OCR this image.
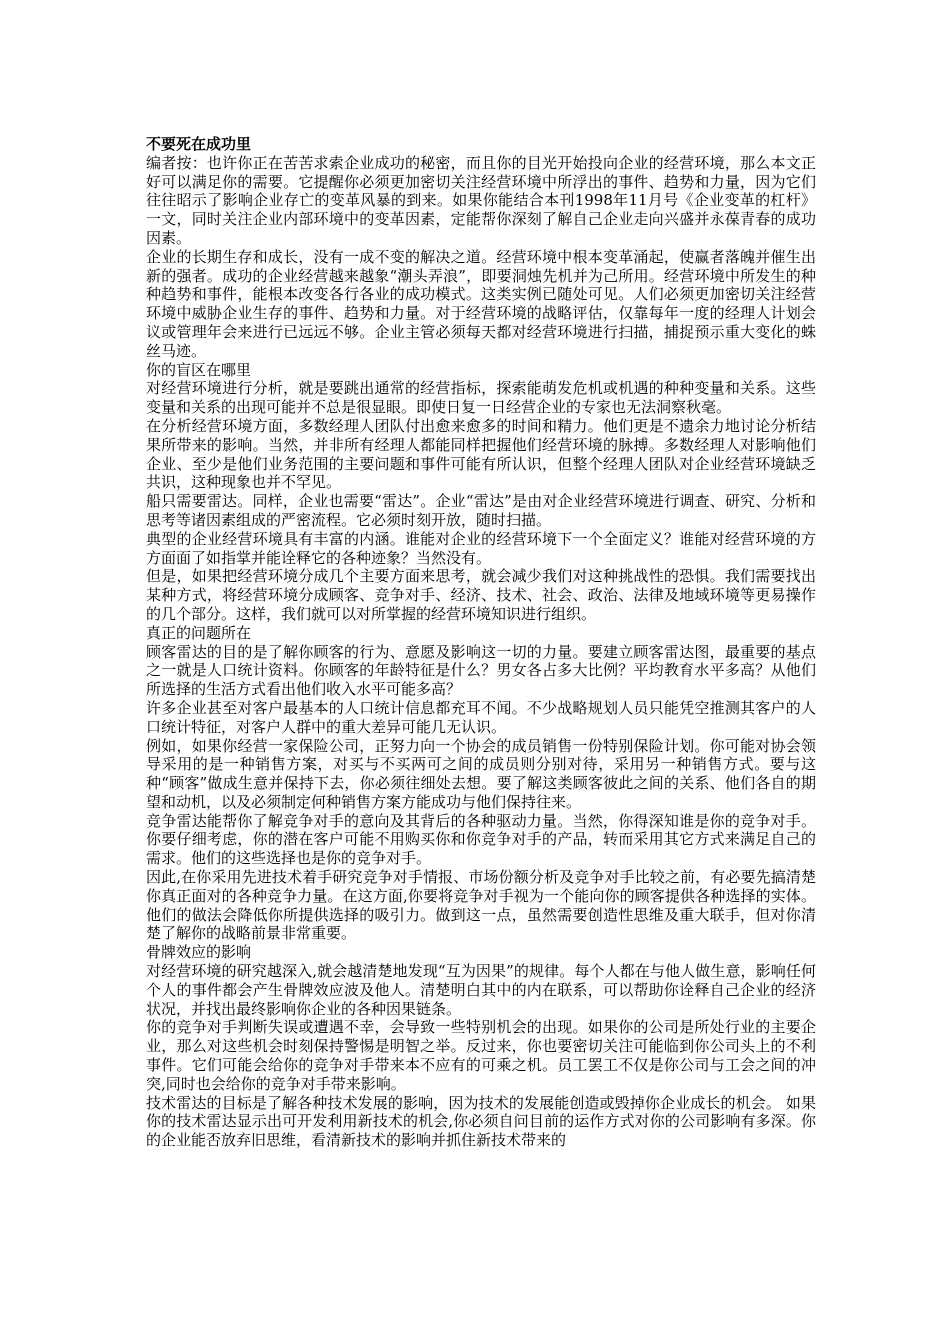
不要死在成功里

编者按：也许你正在苦苦求索企业成功的秘密，而且你的目光开始投向企业的经营环境，那么本文正好可以满足你的需要。它提醒你必须更加密切关注经营环境中所浮出的事件、趋势和力量，因为它们往往昭示了影响企业存亡的变革风暴的到来。如果你能结合本刊1998年11月号《企业变革的杠杆》一文，同时关注企业内部环境中的变革因素，定能帮你深刻了解自己企业走向兴盛并永葆青春的成功因素。

企业的长期生存和成长，没有一成不变的解决之道。经营环境中根本变革涌起，使赢者落魄并催生出新的强者。成功的企业经营越来越象“潮头弄浪”，即要洞烛先机并为己所用。经营环境中所发生的种种趋势和事件，能根本改变各行各业的成功模式。这类实例已随处可见。人们必须更加密切关注经营环境中威胁企业生存的事件、趋势和力量。对于经营环境的战略评估，仅靠每年一度的经理人计划会议或管理年会来进行已远远不够。企业主管必须每天都对经营环境进行扫描，捕捉预示重大变化的蛛丝马迹。

你的盲区在哪里

对经营环境进行分析，就是要跳出通常的经营指标，探索能萌发危机或机遇的种种变量和关系。这些变量和关系的出现可能并不总是很显眼。即使日复一日经营企业的专家也无法洞察秋毫。

在分析经营环境方面，多数经理人团队付出愈来愈多的时间和精力。他们更是不遗余力地讨论分析结果所带来的影响。当然，并非所有经理人都能同样把握他们经营环境的脉搏。多数经理人对影响他们企业、至少是他们业务范围的主要问题和事件可能有所认识，但整个经理人团队对企业经营环境缺乏共识，这种现象也并不罕见。

船只需要雷达。同样，企业也需要“雷达”。企业“雷达”是由对企业经营环境进行调查、研究、分析和思考等诸因素组成的严密流程。它必须时刻开放，随时扫描。

典型的企业经营环境具有丰富的内涵。谁能对企业的经营环境下一个全面定义？谁能对经营环境的方方面面了如指掌并能诠释它的各种迹象？当然没有。

但是，如果把经营环境分成几个主要方面来思考，就会减少我们对这种挑战性的恐惧。我们需要找出某种方式，将经营环境分成顾客、竞争对手、经济、技术、社会、政治、法律及地域环境等更易操作的几个部分。这样，我们就可以对所掌握的经营环境知识进行组织。

真正的问题所在

顾客雷达的目的是了解你顾客的行为、意愿及影响这一切的力量。要建立顾客雷达图，最重要的基点之一就是人口统计资料。你顾客的年龄特征是什么？男女各占多大比例？平均教育水平多高？从他们所选择的生活方式看出他们收入水平可能多高？

许多企业甚至对客户最基本的人口统计信息都充耳不闻。不少战略规划人员只能凭空推测其客户的人口统计特征，对客户人群中的重大差异可能几无认识。

例如，如果你经营一家保险公司，正努力向一个协会的成员销售一份特别保险计划。你可能对协会领导采用的是一种销售方案，对买与不买两可之间的成员则分别对待，采用另一种销售方式。要与这种“顾客”做成生意并保持下去，你必须往细处去想。要了解这类顾客彼此之间的关系、他们各自的期望和动机，以及必须制定何种销售方案方能成功与他们保持往来。

竞争雷达能帮你了解竞争对手的意向及其背后的各种驱动力量。当然，你得深知谁是你的竞争对手。你要仔细考虑，你的潜在客户可能不用购买你和你竞争对手的产品，转而采用其它方式来满足自己的需求。他们的这些选择也是你的竞争对手。

因此,在你采用先进技术着手研究竞争对手情报、市场份额分析及竞争对手比较之前，有必要先搞清楚你真正面对的各种竞争力量。在这方面,你要将竞争对手视为一个能向你的顾客提供各种选择的实体。他们的做法会降低你所提供选择的吸引力。做到这一点，虽然需要创造性思维及重大联手，但对你清楚了解你的战略前景非常重要。

骨牌效应的影响

对经营环境的研究越深入,就会越清楚地发现“互为因果”的规律。每个人都在与他人做生意，影响任何个人的事件都会产生骨牌效应波及他人。清楚明白其中的内在联系，可以帮助你诠释自己企业的经济状况，并找出最终影响你企业的各种因果链条。

你的竞争对手判断失误或遭遇不幸，会导致一些特别机会的出现。如果你的公司是所处行业的主要企业，那么对这些机会时刻保持警惕是明智之举。反过来，你也要密切关注可能临到你公司头上的不利事件。它们可能会给你的竞争对手带来本不应有的可乘之机。员工罢工不仅是你公司与工会之间的冲突,同时也会给你的竞争对手带来影响。

技术雷达的目标是了解各种技术发展的影响，因为技术的发展能创造或毁掉你企业成长的机会。 如果你的技术雷达显示出可开发利用新技术的机会,你必须自问目前的运作方式对你的公司影响有多深。你的企业能否放弃旧思维，看清新技术的影响并抓住新技术带来的
